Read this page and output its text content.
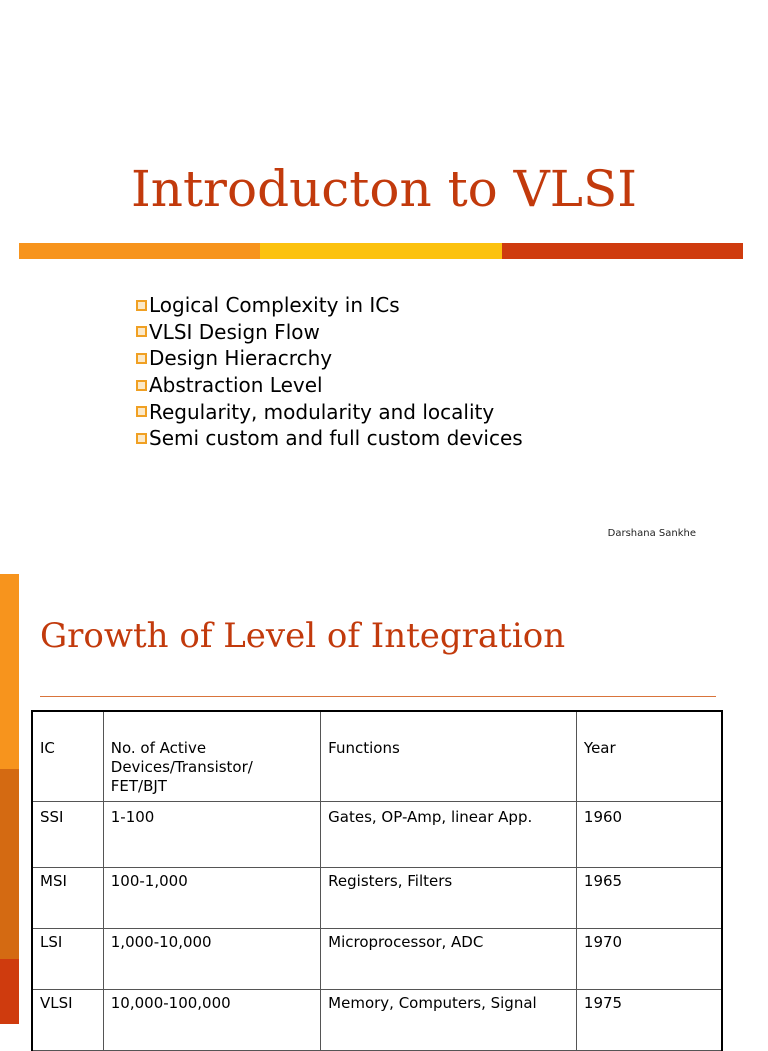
Introducton to VLSI
Logical Complexity in ICs
VLSI Design Flow
Design Hieracrchy
Abstraction Level
Regularity, modularity and locality
Semi custom and full custom devices
Darshana Sankhe
Growth of Level of Integration
IC	No. of Active Devices/Transistor/ FET/BJT	Functions	Year
SSI	1-100	Gates, OP-Amp, linear App.	1960
MSI	100-1,000	Registers, Filters	1965
LSI	1,000-10,000	Microprocessor, ADC	1970
VLSI	10,000-100,000	Memory, Computers, Signal	1975
